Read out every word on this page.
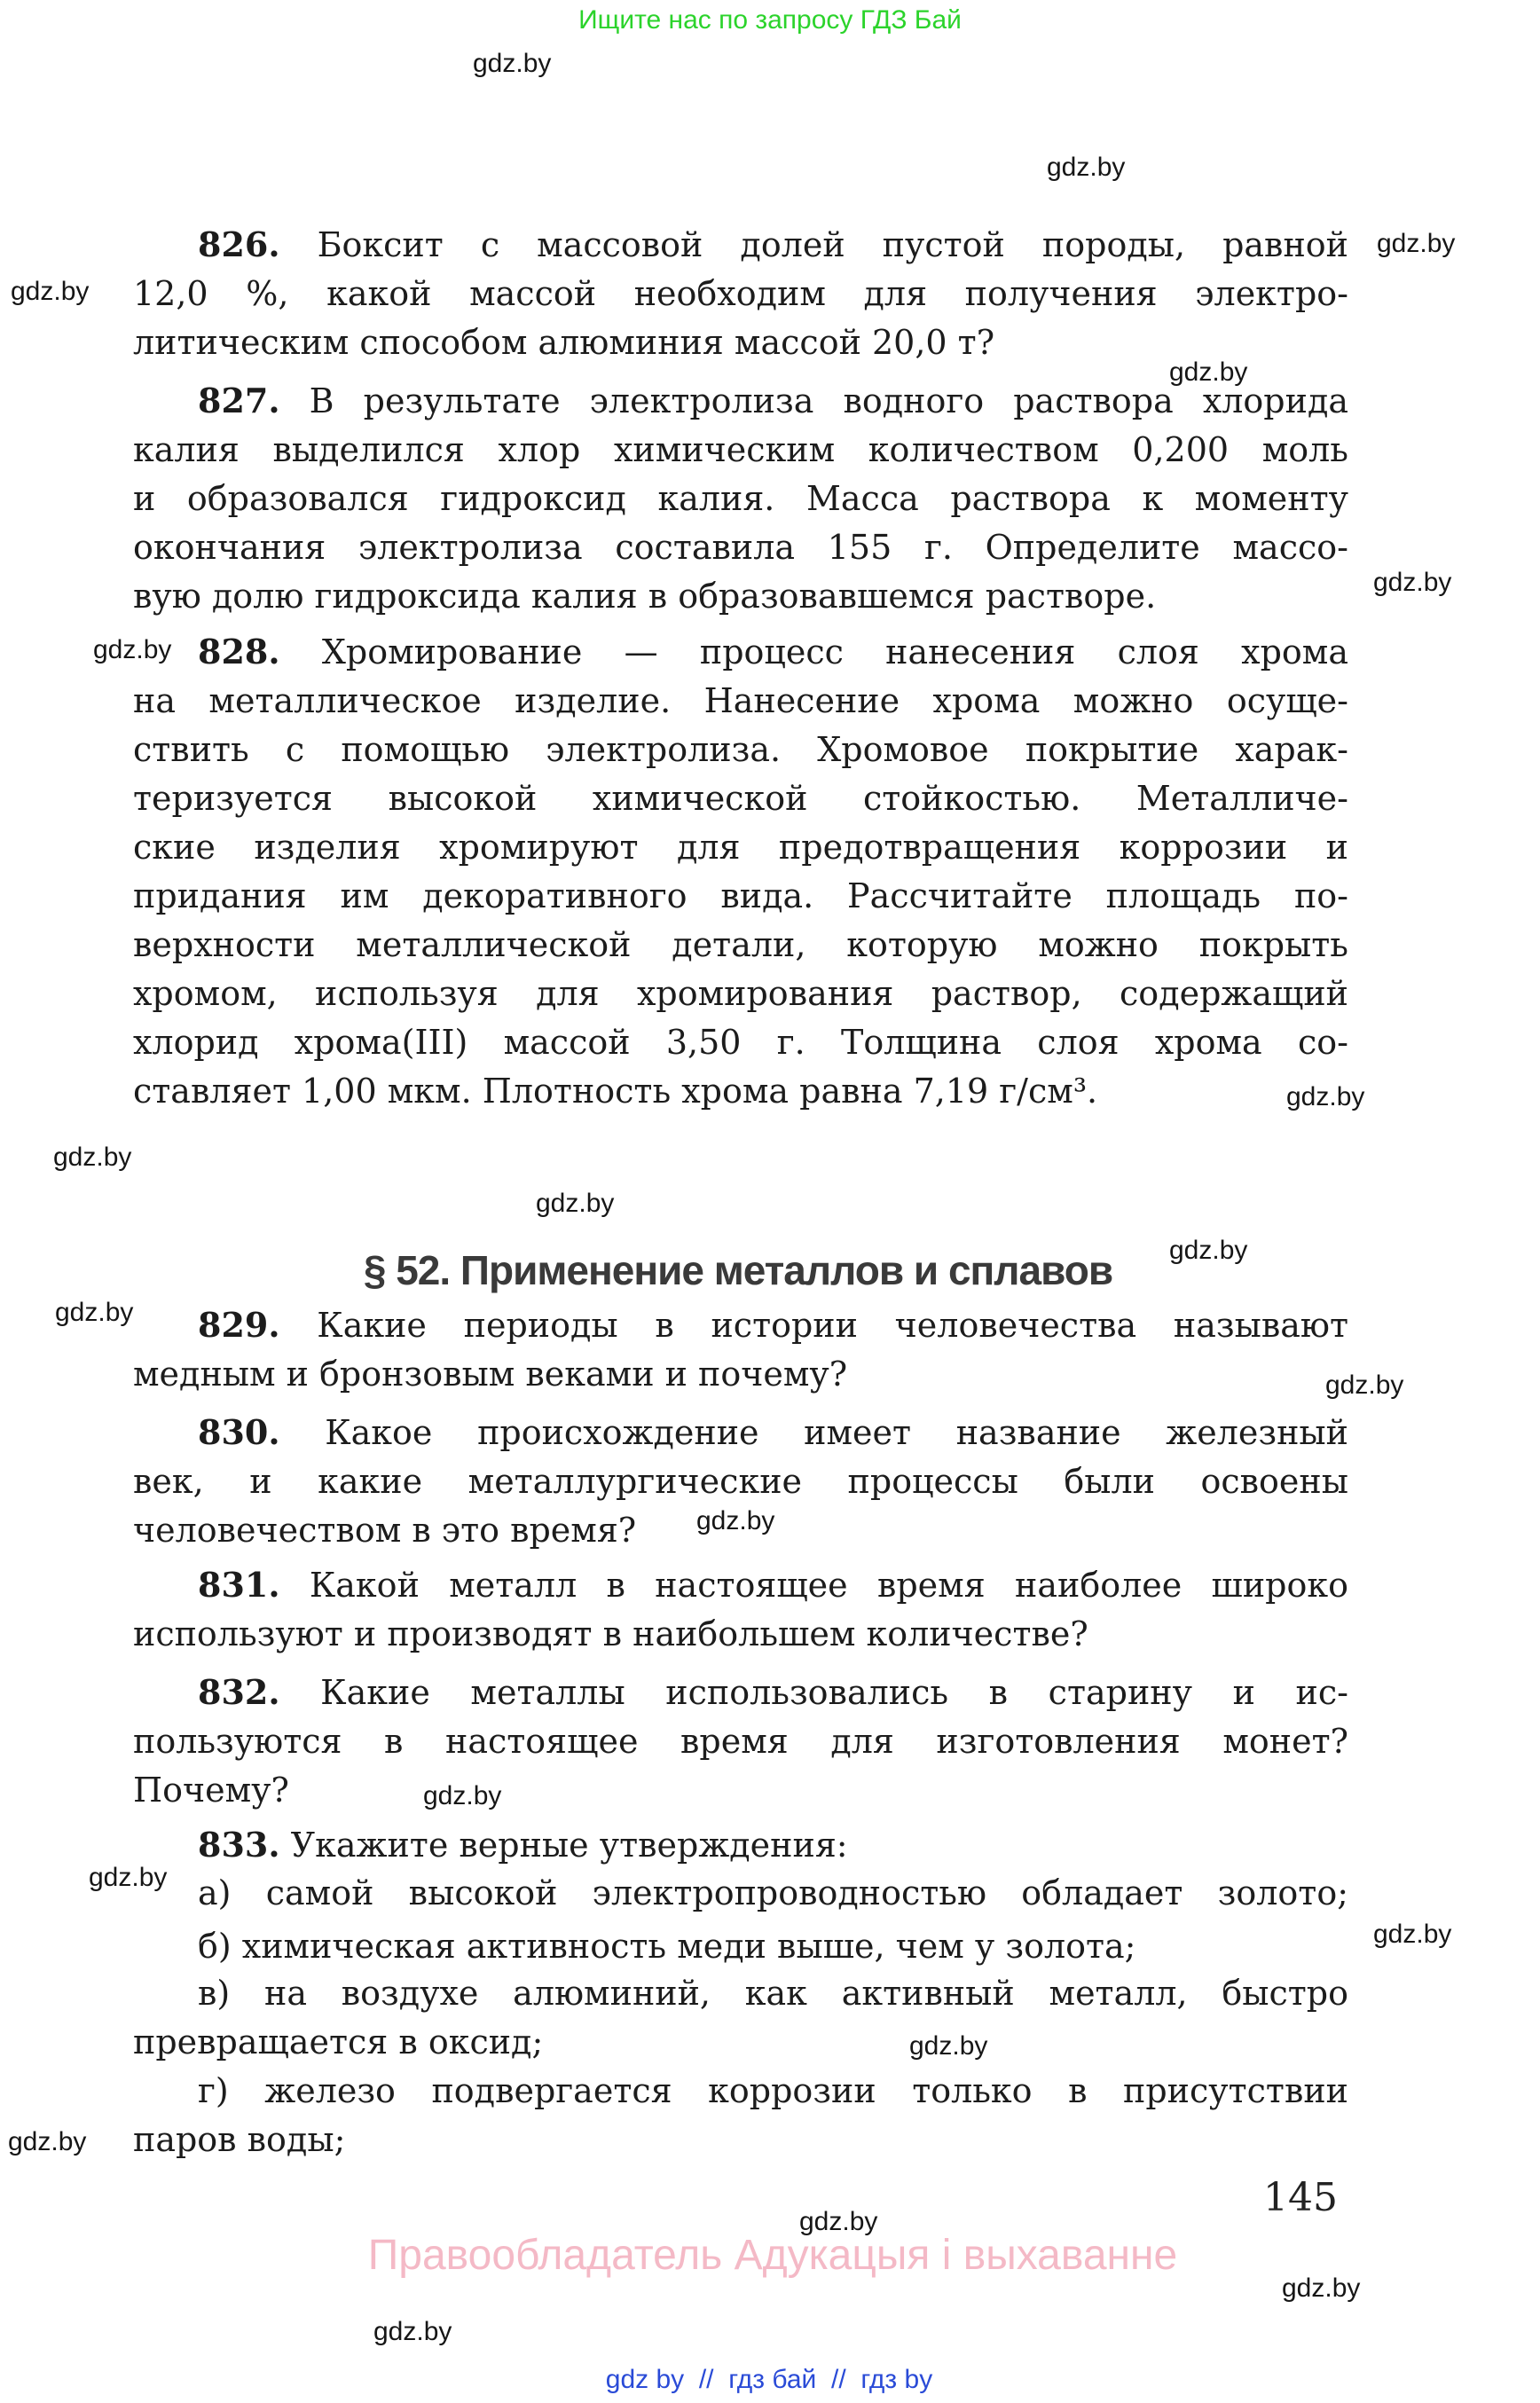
Ищите нас по запросу ГДЗ Бай
gdz.by
gdz.by
gdz.by
gdz.by
gdz.by
gdz.by
gdz.by
gdz.by
gdz.by
gdz.by
gdz.by
gdz.by
gdz.by
gdz.by
gdz.by
gdz.by
gdz.by
gdz.by
gdz.by
gdz.by
gdz.by
gdz.by
826. Боксит с массовой долей пустой породы, равной
12,0 %, какой массой необходим для получения электро-
литическим способом алюминия массой 20,0 т?
827. В результате электролиза водного раствора хлорида
калия выделился хлор химическим количеством 0,200 моль
и образовался гидроксид калия. Масса раствора к моменту
окончания электролиза составила 155 г. Определите массо-
вую долю гидроксида калия в образовавшемся растворе.
828. Хромирование — процесс нанесения слоя хрома
на металлическое изделие. Нанесение хрома можно осуще-
ствить с помощью электролиза. Хромовое покрытие харак-
теризуется высокой химической стойкостью. Металличе-
ские изделия хромируют для предотвращения коррозии и
придания им декоративного вида. Рассчитайте площадь по-
верхности металлической детали, которую можно покрыть
хромом, используя для хромирования раствор, содержащий
хлорид хрома(III) массой 3,50 г. Толщина слоя хрома со-
ставляет 1,00 мкм. Плотность хрома равна 7,19 г/см³.
§ 52. Применение металлов и сплавов
829. Какие периоды в истории человечества называют
медным и бронзовым веками и почему?
830. Какое происхождение имеет название железный
век, и какие металлургические процессы были освоены
человечеством в это время?
831. Какой металл в настоящее время наиболее широко
используют и производят в наибольшем количестве?
832. Какие металлы использовались в старину и ис-
пользуются в настоящее время для изготовления монет?
Почему?
833. Укажите верные утверждения:
а) самой высокой электропроводностью обладает золото;
б) химическая активность меди выше, чем у золота;
в) на воздухе алюминий, как активный металл, быстро
превращается в оксид;
г) железо подвергается коррозии только в присутствии
паров воды;
145
Правообладатель Адукацыя і выхаванне
gdz by  //  гдз бай  //  гдз by
